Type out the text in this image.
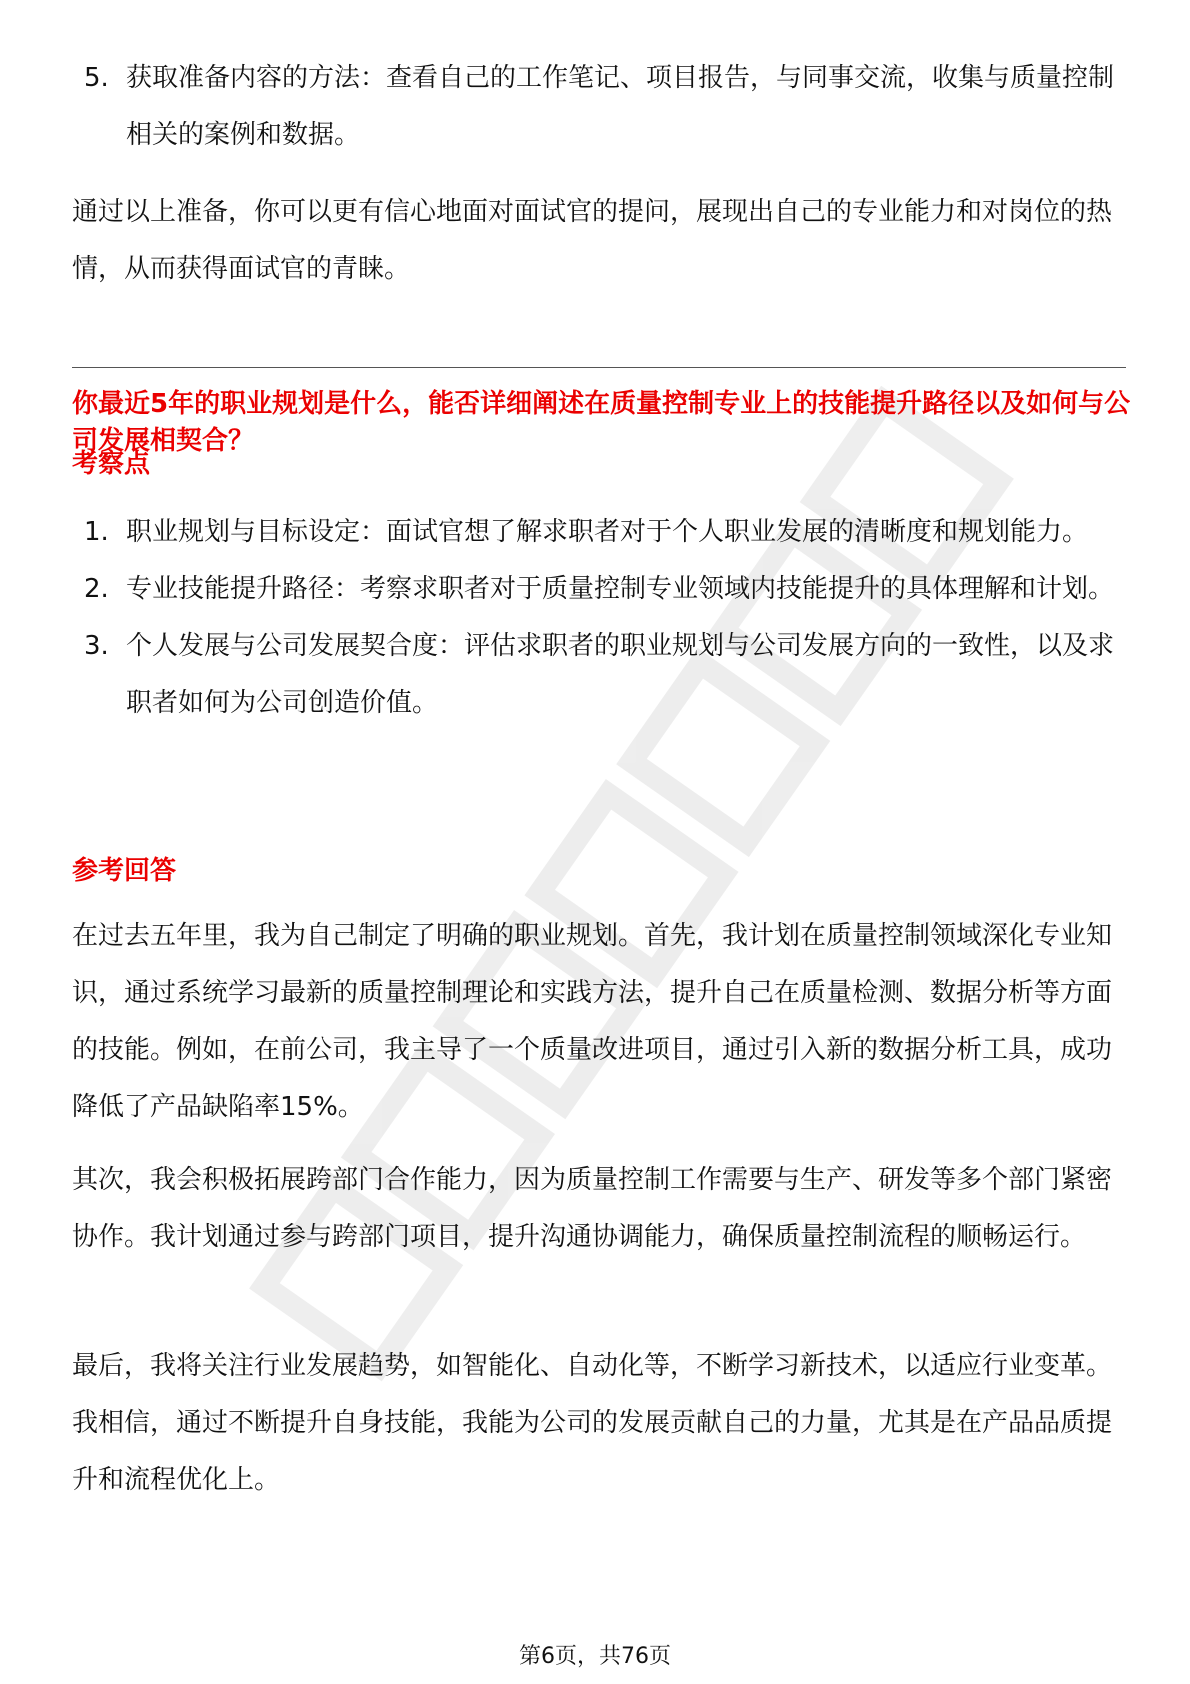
5. 获取准备内容的方法：查看自己的工作笔记、项目报告，与同事交流，收集与质量控制相关的案例和数据。
通过以上准备，你可以更有信心地面对面试官的提问，展现出自己的专业能力和对岗位的热情，从而获得面试官的青睐。
你最近5年的职业规划是什么，能否详细阐述在质量控制专业上的技能提升路径以及如何与公司发展相契合？
考察点
1. 职业规划与目标设定：面试官想了解求职者对于个人职业发展的清晰度和规划能力。
2. 专业技能提升路径：考察求职者对于质量控制专业领域内技能提升的具体理解和计划。
3. 个人发展与公司发展契合度：评估求职者的职业规划与公司发展方向的一致性，以及求职者如何为公司创造价值。
参考回答
在过去五年里，我为自己制定了明确的职业规划。首先，我计划在质量控制领域深化专业知识，通过系统学习最新的质量控制理论和实践方法，提升自己在质量检测、数据分析等方面的技能。例如，在前公司，我主导了一个质量改进项目，通过引入新的数据分析工具，成功降低了产品缺陷率15%。
其次，我会积极拓展跨部门合作能力，因为质量控制工作需要与生产、研发等多个部门紧密协作。我计划通过参与跨部门项目，提升沟通协调能力，确保质量控制流程的顺畅运行。
最后，我将关注行业发展趋势，如智能化、自动化等，不断学习新技术，以适应行业变革。我相信，通过不断提升自身技能，我能为公司的发展贡献自己的力量，尤其是在产品品质提升和流程优化上。
第6页，共76页
